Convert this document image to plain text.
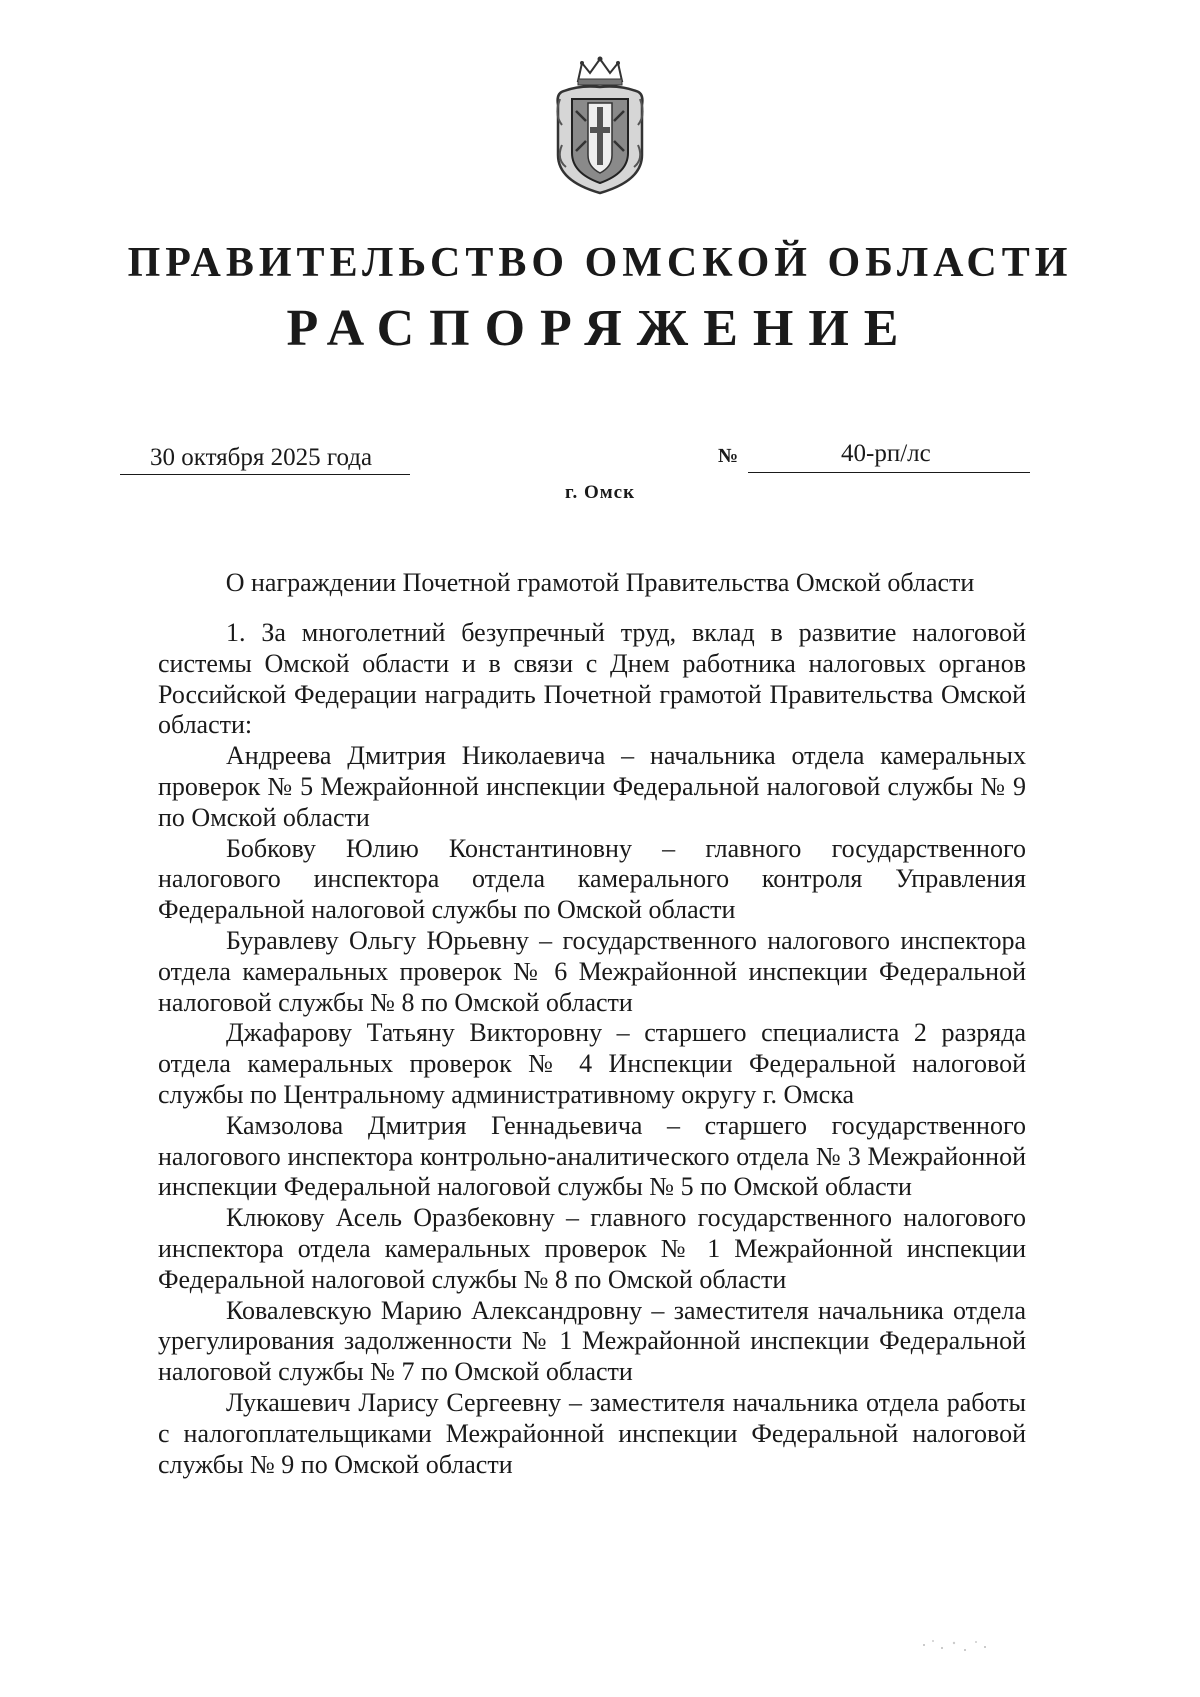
ПРАВИТЕЛЬСТВО ОМСКОЙ ОБЛАСТИ
РАСПОРЯЖЕНИЕ
30 октября 2025 года	№	40-рп/лс
г. Омск
О награждении Почетной грамотой Правительства Омской области

1. За многолетний безупречный труд, вклад в развитие налоговой системы Омской области и в связи с Днем работника налоговых органов Российской Федерации наградить Почетной грамотой Правительства Омской области:

Андреева Дмитрия Николаевича – начальника отдела камеральных проверок № 5 Межрайонной инспекции Федеральной налоговой службы № 9 по Омской области

Бобкову Юлию Константиновну – главного государственного налогового инспектора отдела камерального контроля Управления Федеральной налоговой службы по Омской области

Буравлеву Ольгу Юрьевну – государственного налогового инспектора отдела камеральных проверок № 6 Межрайонной инспекции Федеральной налоговой службы № 8 по Омской области

Джафарову Татьяну Викторовну – старшего специалиста 2 разряда отдела камеральных проверок № 4 Инспекции Федеральной налоговой службы по Центральному административному округу г. Омска

Камзолова Дмитрия Геннадьевича – старшего государственного налогового инспектора контрольно-аналитического отдела № 3 Межрайонной инспекции Федеральной налоговой службы № 5 по Омской области

Клюкову Асель Оразбековну – главного государственного налогового инспектора отдела камеральных проверок № 1 Межрайонной инспекции Федеральной налоговой службы № 8 по Омской области

Ковалевскую Марию Александровну – заместителя начальника отдела урегулирования задолженности № 1 Межрайонной инспекции Федеральной налоговой службы № 7 по Омской области

Лукашевич Ларису Сергеевну – заместителя начальника отдела работы с налогоплательщиками Межрайонной инспекции Федеральной налоговой службы № 9 по Омской области
